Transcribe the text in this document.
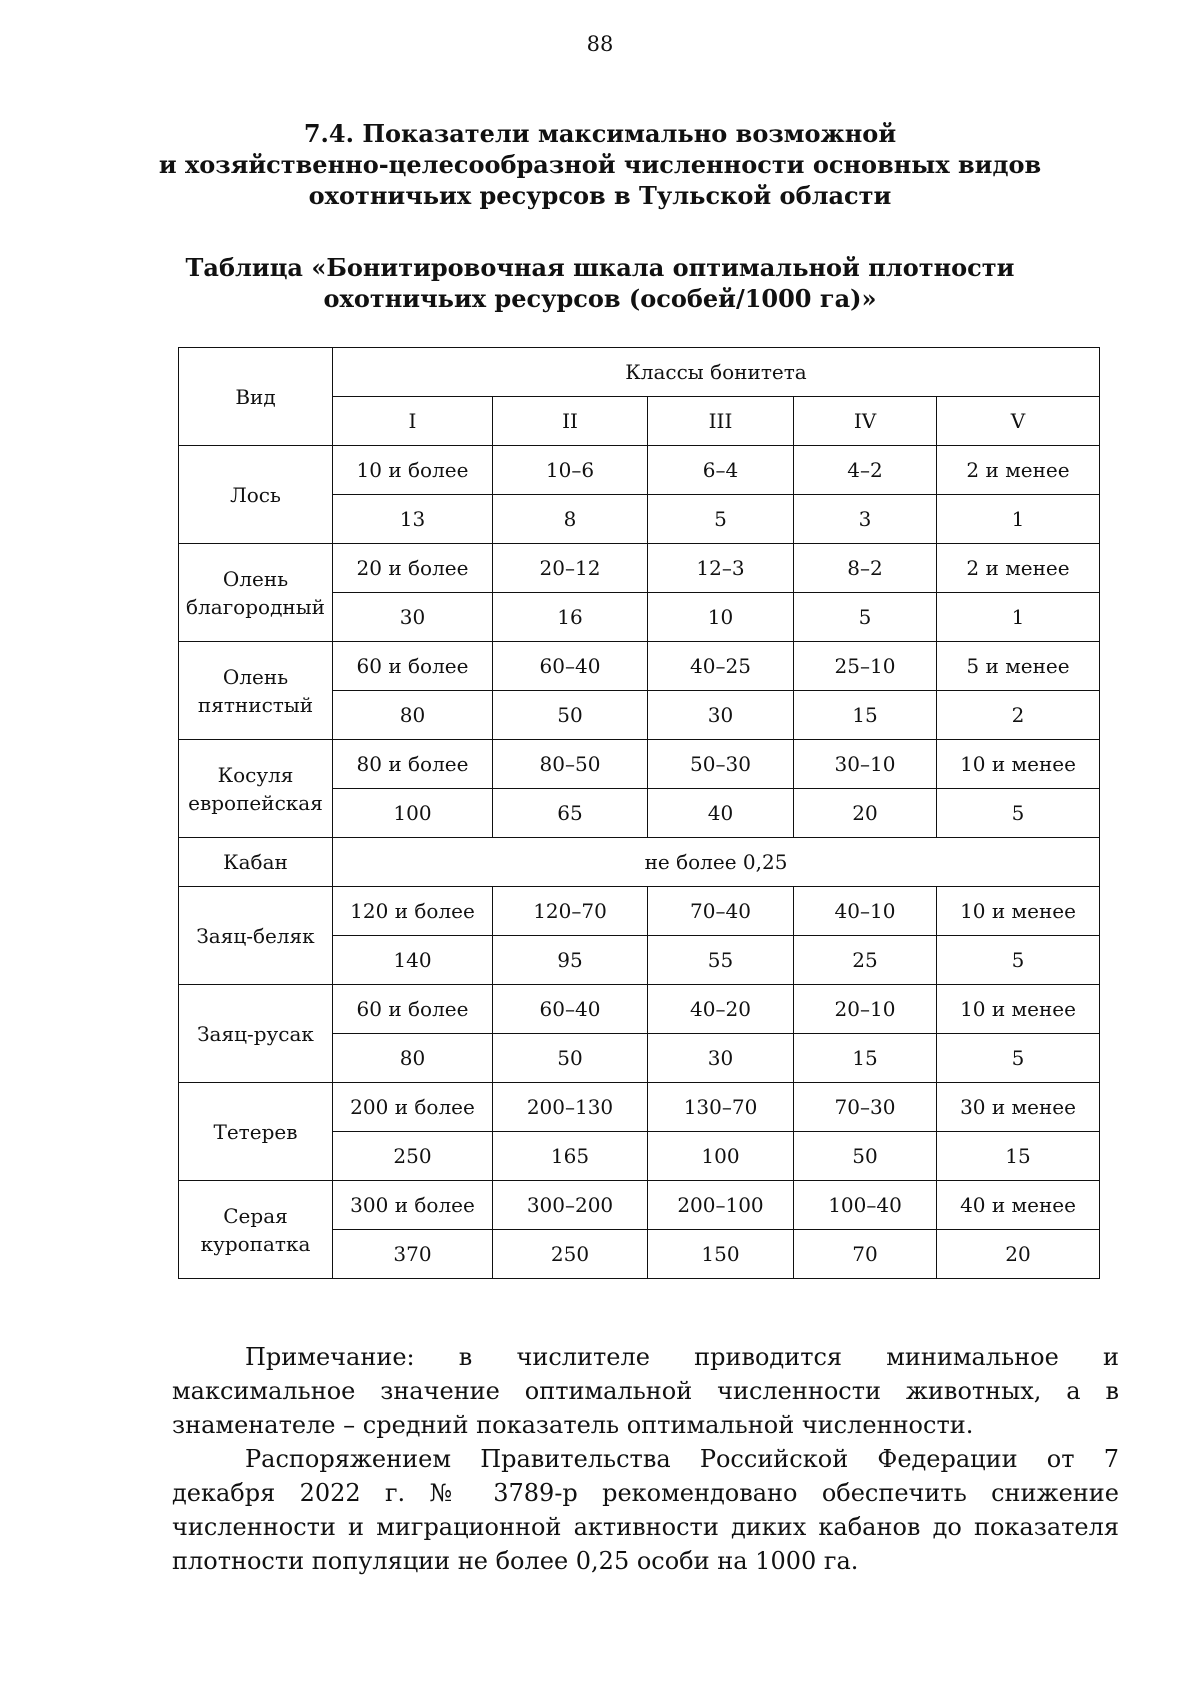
88
7.4. Показатели максимально возможной
и хозяйственно-целесообразной численности основных видов
охотничьих ресурсов в Тульской области
Таблица «Бонитировочная шкала оптимальной плотности
охотничьих ресурсов (особей/1000 га)»
Вид	Классы бонитета				
	I	II	III	IV	V

Лось	10 и более	10–6	6–4	4–2	2 и менее
	13	8	5	3	1

Олень
благородный	20 и более	20–12	12–3	8–2	2 и менее
	30	16	10	5	1

Олень
пятнистый	60 и более	60–40	40–25	25–10	5 и менее
	80	50	30	15	2

Косуля
европейская	80 и более	80–50	50–30	30–10	10 и менее
	100	65	40	20	5
Кабан	не более 0,25				

Заяц-беляк	120 и более	120–70	70–40	40–10	10 и менее
	140	95	55	25	5

Заяц-русак	60 и более	60–40	40–20	20–10	10 и менее
	80	50	30	15	5

Тетерев	200 и более	200–130	130–70	70–30	30 и менее
	250	165	100	50	15

Серая
куропатка	300 и более	300–200	200–100	100–40	40 и менее
	370	250	150	70	20

Примечание: в числителе приводится минимальное и максимальное значение оптимальной численности животных, а в знаменателе – средний показатель оптимальной численности.

Распоряжением Правительства Российской Федерации от 7 декабря 2022 г. № 3789-р рекомендовано обеспечить снижение численности и миграционной активности диких кабанов до показателя плотности популяции не более 0,25 особи на 1000 га.
